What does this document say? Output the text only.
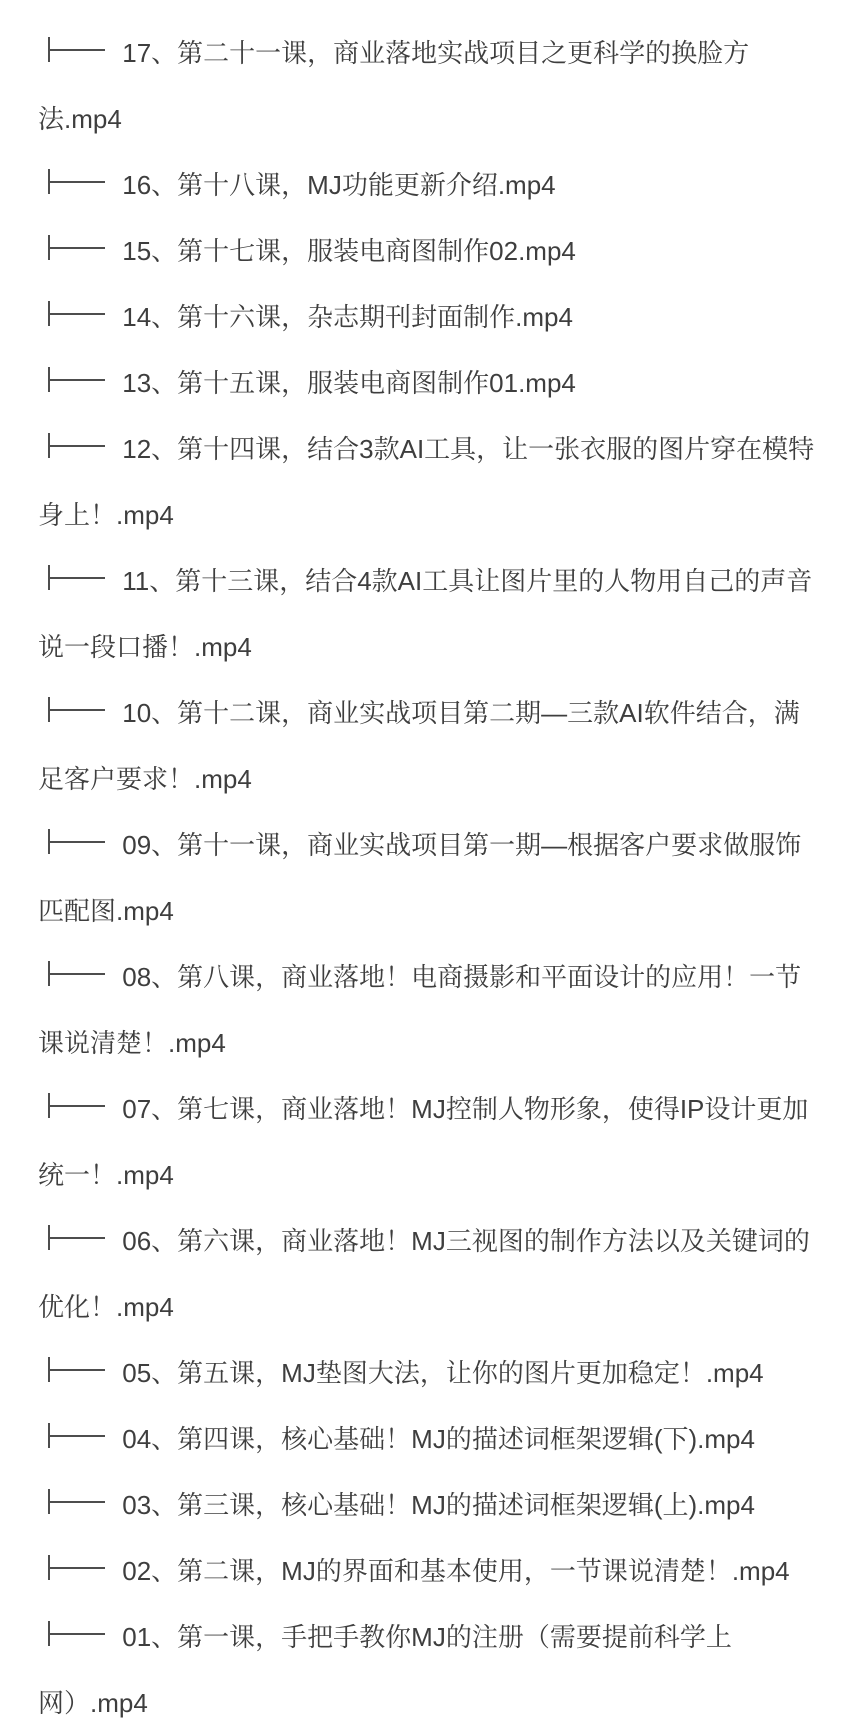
17、第二十一课，商业落地实战项目之更科学的换脸方法.mp4

16、第十八课，MJ功能更新介绍.mp4

15、第十七课，服装电商图制作02.mp4

14、第十六课，杂志期刊封面制作.mp4

13、第十五课，服装电商图制作01.mp4

12、第十四课，结合3款AI工具，让一张衣服的图片穿在模特身上！.mp4

11、第十三课，结合4款AI工具让图片里的人物用自己的声音说一段口播！.mp4

10、第十二课，商业实战项目第二期—三款AI软件结合，满足客户要求！.mp4

09、第十一课，商业实战项目第一期—根据客户要求做服饰匹配图.mp4

08、第八课，商业落地！电商摄影和平面设计的应用！一节课说清楚！.mp4

07、第七课，商业落地！MJ控制人物形象，使得IP设计更加统一！.mp4

06、第六课，商业落地！MJ三视图的制作方法以及关键词的优化！.mp4

05、第五课，MJ垫图大法，让你的图片更加稳定！.mp4

04、第四课，核心基础！MJ的描述词框架逻辑(下).mp4

03、第三课，核心基础！MJ的描述词框架逻辑(上).mp4

02、第二课，MJ的界面和基本使用，一节课说清楚！.mp4

01、第一课，手把手教你MJ的注册（需要提前科学上网）.mp4
